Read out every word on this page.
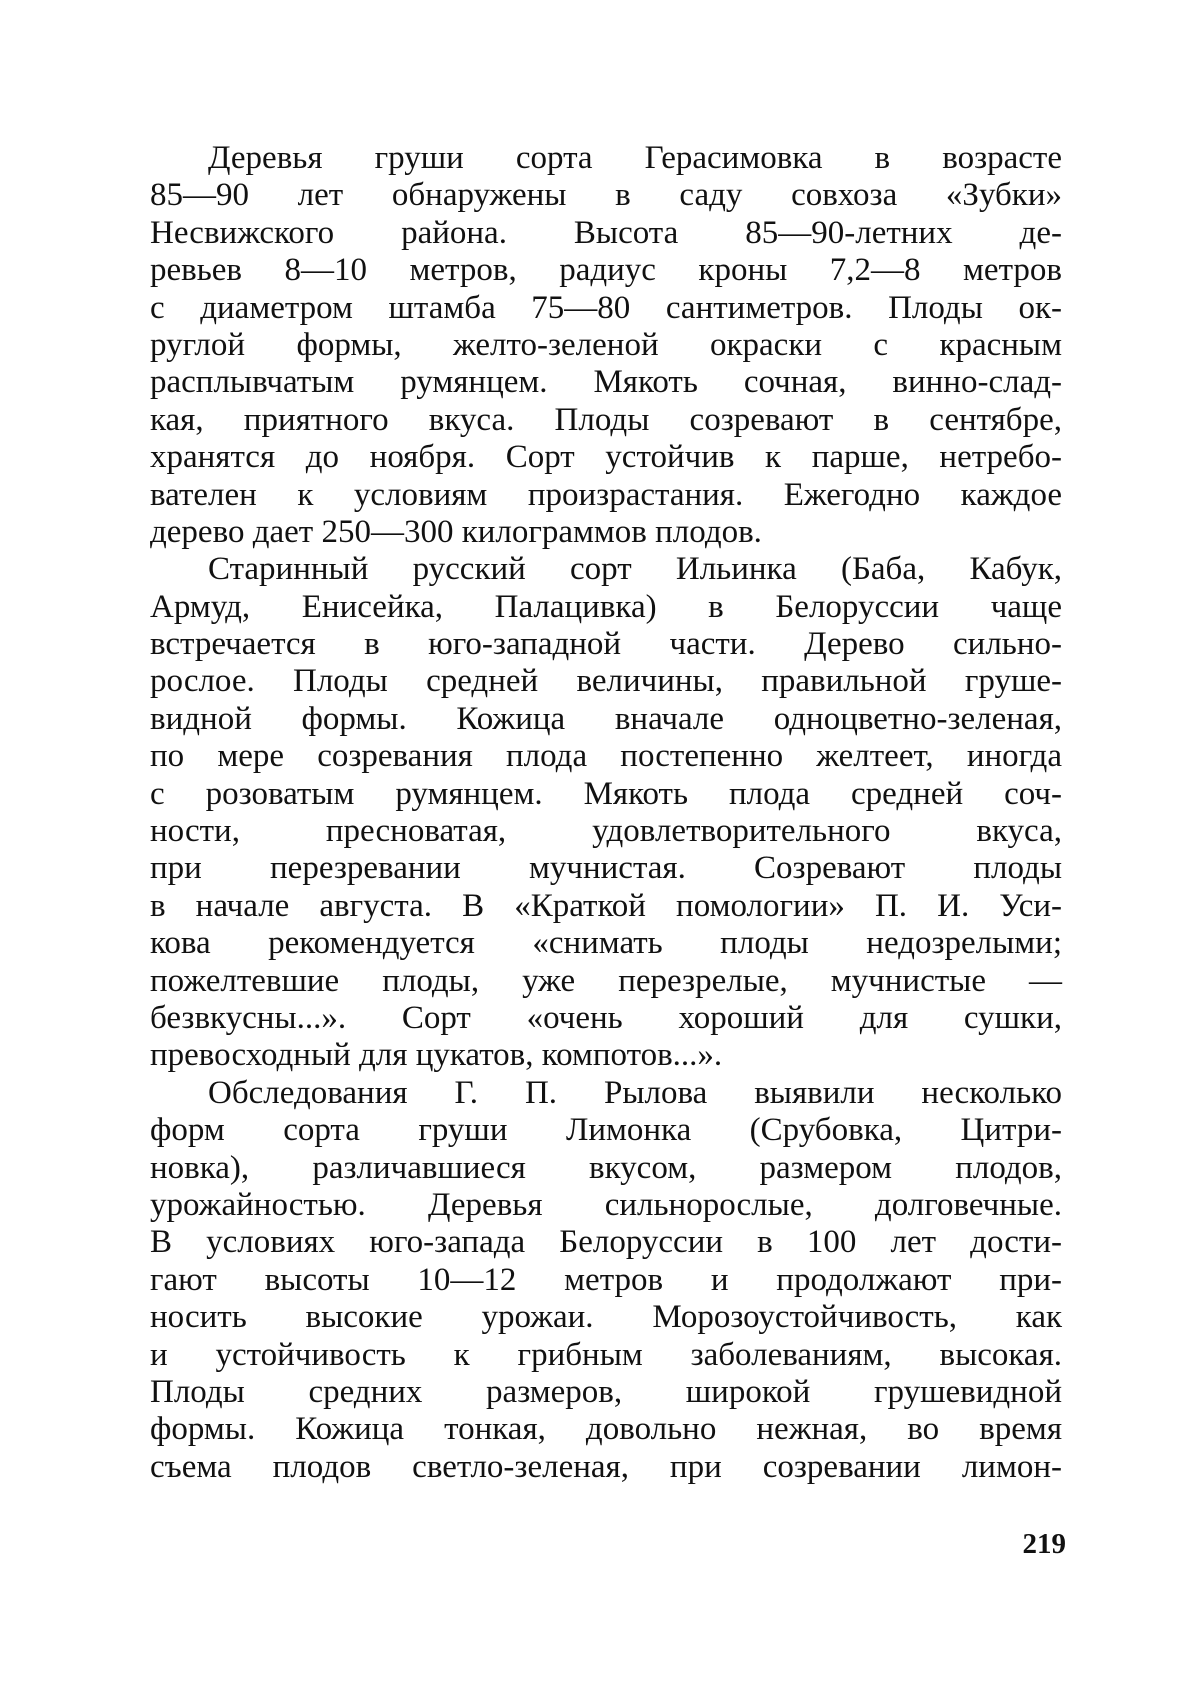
Деревья груши сорта Герасимовка в возрасте
85—90 лет обнаружены в саду совхоза «Зубки»
Несвижского района. Высота 85—90-летних де-
ревьев 8—10 метров, радиус кроны 7,2—8 метров
с диаметром штамба 75—80 сантиметров. Плоды ок-
руглой формы, желто-зеленой окраски с красным
расплывчатым румянцем. Мякоть сочная, винно-слад-
кая, приятного вкуса. Плоды созревают в сентябре,
хранятся до ноября. Сорт устойчив к парше, нетребо-
вателен к условиям произрастания. Ежегодно каждое
дерево дает 250—300 килограммов плодов.
Старинный русский сорт Ильинка (Баба, Кабук,
Армуд, Енисейка, Палацивка) в Белоруссии чаще
встречается в юго-западной части. Дерево сильно-
рослое. Плоды средней величины, правильной груше-
видной формы. Кожица вначале одноцветно-зеленая,
по мере созревания плода постепенно желтеет, иногда
с розоватым румянцем. Мякоть плода средней соч-
ности, пресноватая, удовлетворительного вкуса,
при перезревании мучнистая. Созревают плоды
в начале августа. В «Краткой помологии» П. И. Уси-
кова рекомендуется «снимать плоды недозрелыми;
пожелтевшие плоды, уже перезрелые, мучнистые —
безвкусны...». Сорт «очень хороший для сушки,
превосходный для цукатов, компотов...».
Обследования Г. П. Рылова выявили несколько
форм сорта груши Лимонка (Срубовка, Цитри-
новка), различавшиеся вкусом, размером плодов,
урожайностью. Деревья сильнорослые, долговечные.
В условиях юго-запада Белоруссии в 100 лет дости-
гают высоты 10—12 метров и продолжают при-
носить высокие урожаи. Морозоустойчивость, как
и устойчивость к грибным заболеваниям, высокая.
Плоды средних размеров, широкой грушевидной
формы. Кожица тонкая, довольно нежная, во время
съема плодов светло-зеленая, при созревании лимон-
219
